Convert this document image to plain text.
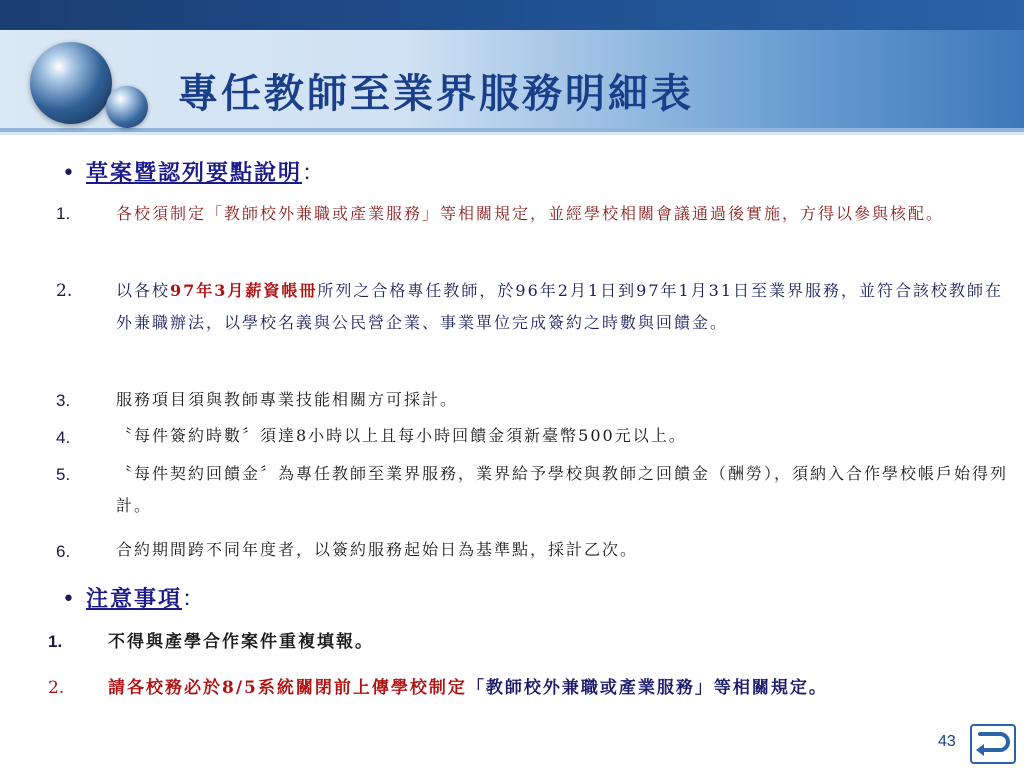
專任教師至業界服務明細表
• 草案暨認列要點說明：
1.	各校須制定「教師校外兼職或產業服務」等相關規定，並經學校相關會議通過後實施，方得以參與核配。
2.	以各校97年3月薪資帳冊所列之合格專任教師，於96年2月1日到97年1月31日至業界服務，並符合該校教師在外兼職辦法，以學校名義與公民營企業、事業單位完成簽約之時數與回饋金。
3.	服務項目須與教師專業技能相關方可採計。
4.	〝每件簽約時數〞須達8小時以上且每小時回饋金須新臺幣500元以上。
5.	〝每件契約回饋金〞為專任教師至業界服務，業界給予學校與教師之回饋金（酬勞），須納入合作學校帳戶始得列計。
6.	合約期間跨不同年度者，以簽約服務起始日為基準點，採計乙次。
• 注意事項：
1.	不得與產學合作案件重複填報。
2.	請各校務必於8/5系統關閉前上傳學校制定「教師校外兼職或產業服務」等相關規定。
43
